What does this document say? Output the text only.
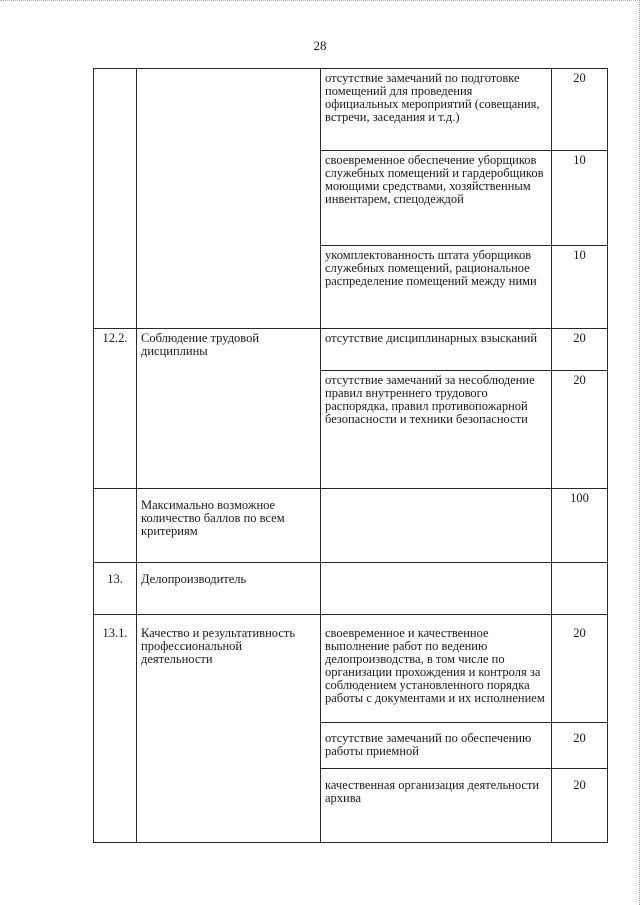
28
		отсутствие замечаний по подготовке помещений для проведения официальных мероприятий (совещания, встречи, заседания и т.д.)	20
		своевременное обеспечение уборщиков служебных помещений и гардеробщиков моющими средствами, хозяйственным инвентарем, спецодеждой	10
		укомплектованность штата уборщиков служебных помещений, рациональное распределение помещений между ними	10
12.2.	Соблюдение трудовой дисциплины	отсутствие дисциплинарных взысканий	20
		отсутствие замечаний за несоблюдение правил внутреннего трудового распорядка, правил противопожарной безопасности и техники безопасности	20
	Максимально возможное количество баллов по всем критериям		100
13.	Делопроизводитель		
13.1.	Качество и результативность профессиональной деятельности	своевременное и качественное выполнение работ по ведению делопроизводства, в том числе по организации прохождения и контроля за соблюдением установленного порядка работы с документами и их исполнением	20
		отсутствие замечаний по обеспечению работы приемной	20
		качественная организация деятельности архива	20
